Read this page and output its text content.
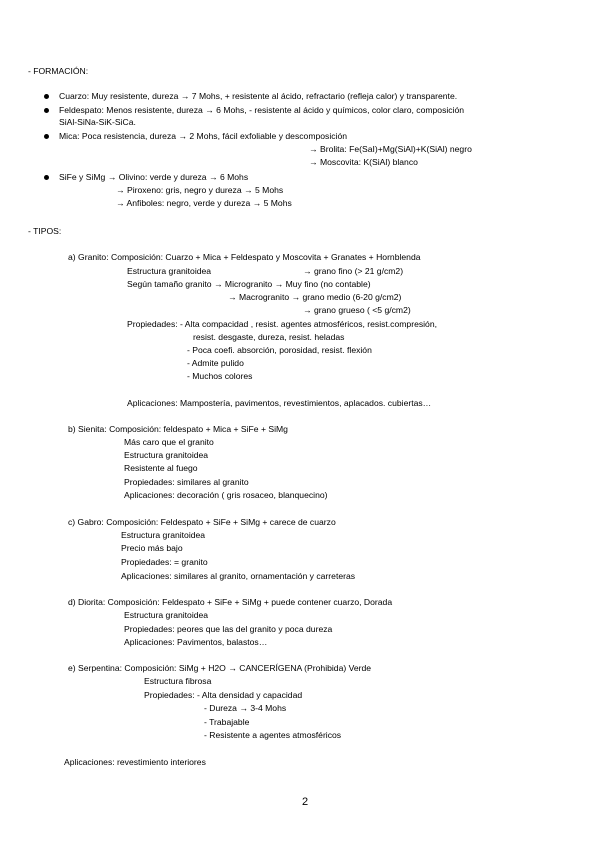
- FORMACIÓN:
Cuarzo: Muy resistente, dureza → 7 Mohs, + resistente al ácido, refractario (refleja calor) y transparente.
Feldespato: Menos resistente, dureza → 6 Mohs, - resistente al ácido y químicos, color claro, composición
SiAl-SiNa-SiK-SiCa.
Mica: Poca resistencia, dureza → 2 Mohs, fácil exfoliable y descomposición
→ Brolita: Fe(SaI)+Mg(SiAl)+K(SiAl) negro
→ Moscovita: K(SiAl) blanco
SiFe y SiMg → Olivino: verde y dureza → 6 Mohs
→ Piroxeno: gris, negro y dureza → 5 Mohs
→ Anfiboles: negro, verde y dureza → 5 Mohs
- TIPOS:
a) Granito: Composición: Cuarzo + Mica + Feldespato y Moscovita + Granates + Hornblenda
Estructura granitoidea	→ grano fino (> 21 g/cm2)
Según tamaño granito → Microgranito → Muy fino (no contable)
→ Macrogranito → grano medio (6-20 g/cm2)
→ grano grueso ( <5 g/cm2)
Propiedades: - Alta compacidad , resist. agentes atmosféricos, resist.compresión,
resist. desgaste, dureza, resist. heladas
- Poca coefi. absorción, porosidad, resist. flexión
- Admite pulido
- Muchos colores
Aplicaciones: Mampostería, pavimentos, revestimientos, aplacados. cubiertas…
b) Sienita: Composición: feldespato + Mica + SiFe + SiMg
Más caro que el granito
Estructura granitoidea
Resistente al fuego
Propiedades: similares al granito
Aplicaciones: decoración ( gris rosaceo, blanquecino)
c) Gabro: Composición: Feldespato + SiFe + SiMg + carece de cuarzo
Estructura granitoidea
Precio más bajo
Propiedades: = granito
Aplicaciones: similares al granito, ornamentación y carreteras
d) Diorita: Composición: Feldespato + SiFe + SiMg + puede contener cuarzo, Dorada
Estructura granitoidea
Propiedades: peores que las del granito y poca dureza
Aplicaciones: Pavimentos, balastos…
e) Serpentina: Composición: SiMg + H2O → CANCERÍGENA (Prohibida) Verde
Estructura fibrosa
Propiedades: - Alta densidad y capacidad
- Dureza → 3-4 Mohs
- Trabajable
- Resistente a agentes atmosféricos
Aplicaciones: revestimiento interiores
2
